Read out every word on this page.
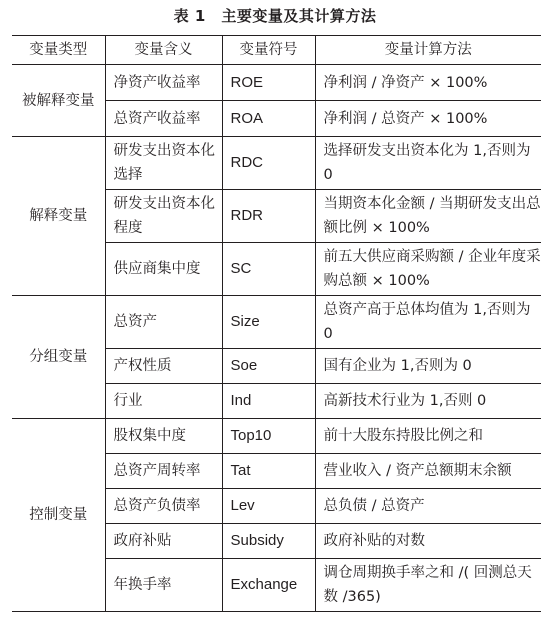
表 1　主要变量及其计算方法
变量类型	变量含义	变量符号	变量计算方法
被解释变量	净资产收益率	ROE	净利润 / 净资产 × 100%
	总资产收益率	ROA	净利润 / 总资产 × 100%
解释变量	研发支出资本化选择	RDC	选择研发支出资本化为 1,否则为 0
	研发支出资本化程度	RDR	当期资本化金额 / 当期研发支出总额比例 × 100%
	供应商集中度	SC	前五大供应商采购额 / 企业年度采购总额 × 100%
分组变量	总资产	Size	总资产高于总体均值为 1,否则为 0
	产权性质	Soe	国有企业为 1,否则为 0
	行业	Ind	高新技术行业为 1,否则 0
控制变量	股权集中度	Top10	前十大股东持股比例之和
	总资产周转率	Tat	营业收入 / 资产总额期末余额
	总资产负债率	Lev	总负债 / 总资产
	政府补贴	Subsidy	政府补贴的对数
	年换手率	Exchange	调仓周期换手率之和 /( 回测总天数 /365)
